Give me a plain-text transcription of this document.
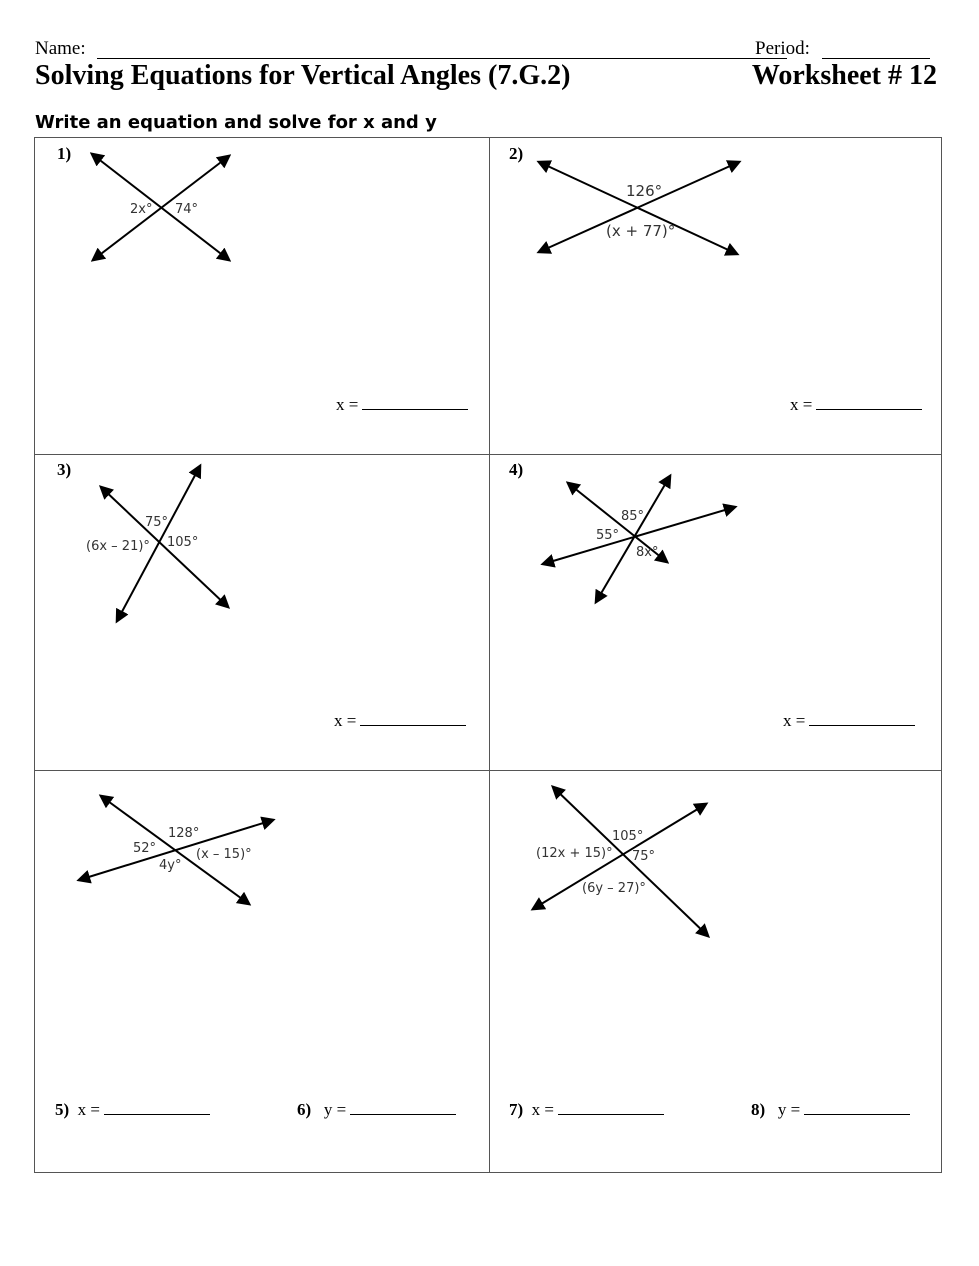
Name:	Period:
Solving Equations for Vertical Angles (7.G.2)	Worksheet # 12
Write an equation and solve for x and y
1)
2x° 74°
x =
2)
126°
(x + 77)°
x =
3)
75°
(6x – 21)° 105°
x =
4)
85°
55°
8x°
x =
128°
52°	(x – 15)°
4y°
5) x =	6) y =
105°
(12x + 15)° 75°
(6y – 27)°
7) x =	8) y =
